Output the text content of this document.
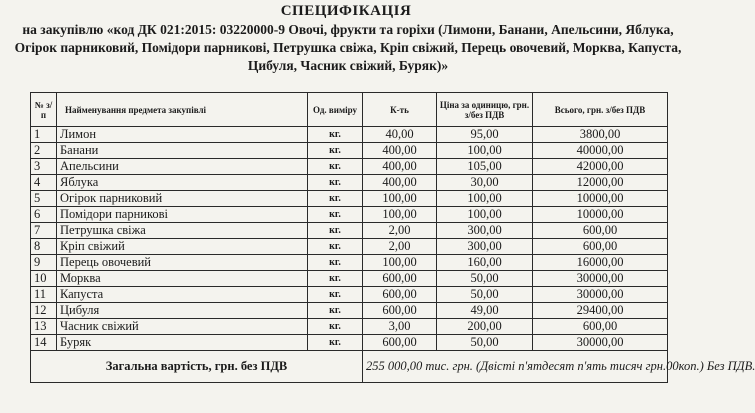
СПЕЦИФІКАЦІЯ
на закупівлю «код ДК 021:2015: 03220000-9 Овочі, фрукти та горіхи (Лимони, Банани, Апельсини, Яблука, Огірок парниковий, Помідори парникові, Петрушка свіжа, Кріп свіжий, Перець овочевий, Морква, Капуста, Цибуля, Часник свіжий, Буряк)»
№ з/п	Найменування предмета закупівлі	Од. виміру	К-ть	Ціна за одиницю, грн. з/без ПДВ	Всього, грн. з/без ПДВ
1	Лимон	кг.	40,00	95,00	3800,00
2	Банани	кг.	400,00	100,00	40000,00
3	Апельсини	кг.	400,00	105,00	42000,00
4	Яблука	кг.	400,00	30,00	12000,00
5	Огірок парниковий	кг.	100,00	100,00	10000,00
6	Помідори парникові	кг.	100,00	100,00	10000,00
7	Петрушка свіжа	кг.	2,00	300,00	600,00
8	Кріп свіжий	кг.	2,00	300,00	600,00
9	Перець овочевий	кг.	100,00	160,00	16000,00
10	Морква	кг.	600,00	50,00	30000,00
11	Капуста	кг.	600,00	50,00	30000,00
12	Цибуля	кг.	600,00	49,00	29400,00
13	Часник свіжий	кг.	3,00	200,00	600,00
14	Буряк	кг.	600,00	50,00	30000,00
Загальна вартість, грн. без ПДВ			255 000,00 тис. грн. (Двісті п'ятдесят п'ять тисяч грн.00коп.) Без ПДВ.		
